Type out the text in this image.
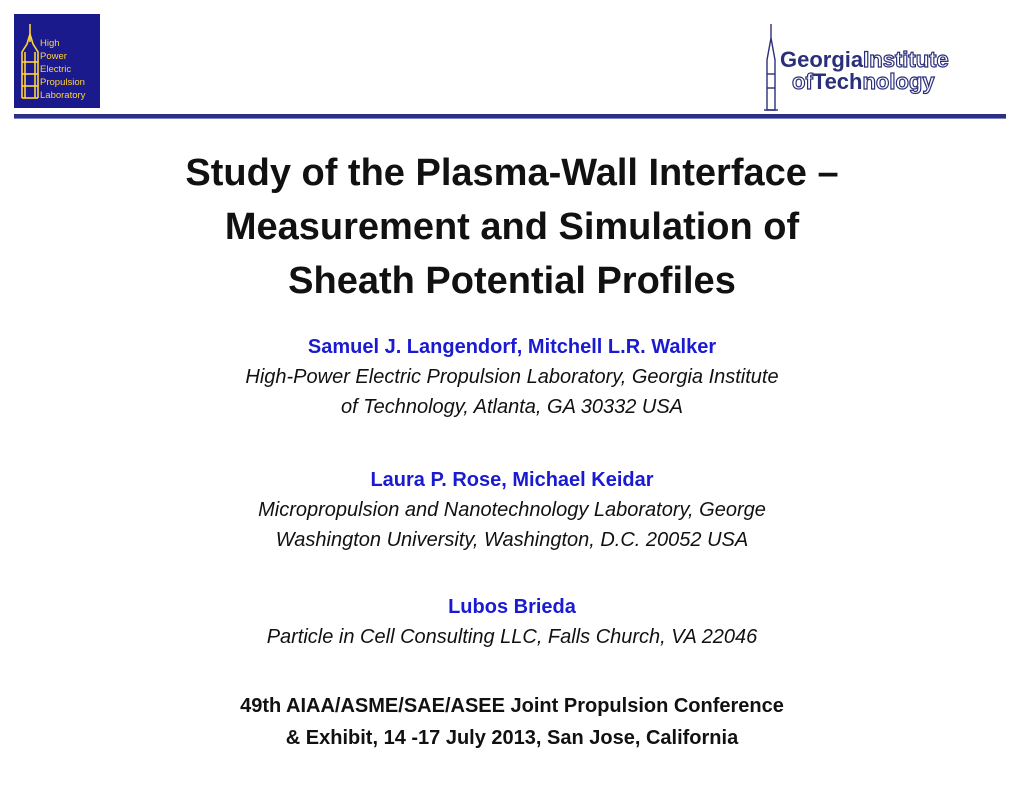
High
Power
Electric
Propulsion
Laboratory
GeorgiaInstitute
ofTechnology
Study of the Plasma-Wall Interface –
Measurement and Simulation of
Sheath Potential Profiles
Samuel J. Langendorf, Mitchell L.R. Walker
High-Power Electric Propulsion Laboratory, Georgia Institute
of Technology, Atlanta, GA 30332 USA
Laura P. Rose, Michael Keidar
Micropropulsion and Nanotechnology Laboratory, George
Washington University, Washington, D.C. 20052 USA
Lubos Brieda
Particle in Cell Consulting LLC, Falls Church, VA 22046
49th AIAA/ASME/SAE/ASEE Joint Propulsion Conference
& Exhibit, 14 -17 July 2013, San Jose, California
